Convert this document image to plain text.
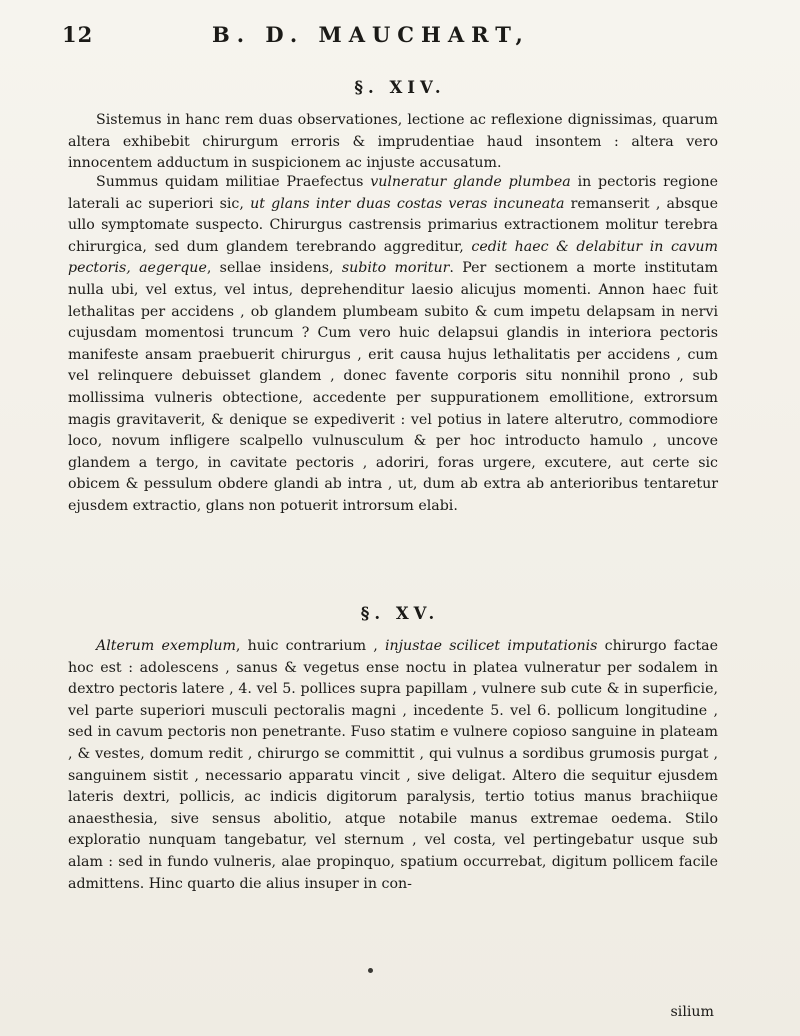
12	B. D. MAUCHART,
§. XIV.

Sistemus in hanc rem duas observationes, lectione ac reflexione dignissimas, quarum altera exhibebit chirurgum erroris & imprudentiae haud insontem : altera vero innocentem adductum in suspicionem ac injuste accusatum.

Summus quidam militiae Praefectus vulneratur glande plumbea in pectoris regione laterali ac superiori sic, ut glans inter duas costas veras incuneata remanserit , absque ullo symptomate suspecto. Chirurgus castrensis primarius extractionem molitur terebra chirurgica, sed dum glandem terebrando aggreditur, cedit haec & delabitur in cavum pectoris, aegerque, sellae insidens, subito moritur. Per sectionem a morte institutam nulla ubi, vel extus, vel intus, deprehenditur laesio alicujus momenti. Annon haec fuit lethalitas per accidens , ob glandem plumbeam subito & cum impetu delapsam in nervi cujusdam momentosi truncum ? Cum vero huic delapsui glandis in interiora pectoris manifeste ansam praebuerit chirurgus , erit causa hujus lethalitatis per accidens , cum vel relinquere debuisset glandem , donec favente corporis situ nonnihil prono , sub mollissima vulneris obtectione, accedente per suppurationem emollitione, extrorsum magis gravitaverit, & denique se expediverit : vel potius in latere alterutro, commodiore loco, novum infligere scalpello vulnusculum & per hoc introducto hamulo , uncove glandem a tergo, in cavitate pectoris , adoriri, foras urgere, excutere, aut certe sic obicem & pessulum obdere glandi ab intra , ut, dum ab extra ab anterioribus tentaretur ejusdem extractio, glans non potuerit introrsum elabi.

§. XV.

Alterum exemplum, huic contrarium , injustae scilicet imputationis chirurgo factae hoc est : adolescens , sanus & vegetus ense noctu in platea vulneratur per sodalem in dextro pectoris latere , 4. vel 5. pollices supra papillam , vulnere sub cute & in superficie, vel parte superiori musculi pectoralis magni , incedente 5. vel 6. pollicum longitudine , sed in cavum pectoris non penetrante. Fuso statim e vulnere copioso sanguine in plateam , & vestes, domum redit , chirurgo se committit , qui vulnus a sordibus grumosis purgat , sanguinem sistit , necessario apparatu vincit , sive deligat. Altero die sequitur ejusdem lateris dextri, pollicis, ac indicis digitorum paralysis, tertio totius manus brachiique anaesthesia, sive sensus abolitio, atque notabile manus extremae oedema. Stilo exploratio nunquam tangebatur, vel sternum , vel costa, vel pertingebatur usque sub alam : sed in fundo vulneris, alae propinquo, spatium occurrebat, digitum pollicem facile admittens. Hinc quarto die alius insuper in con-

silium
